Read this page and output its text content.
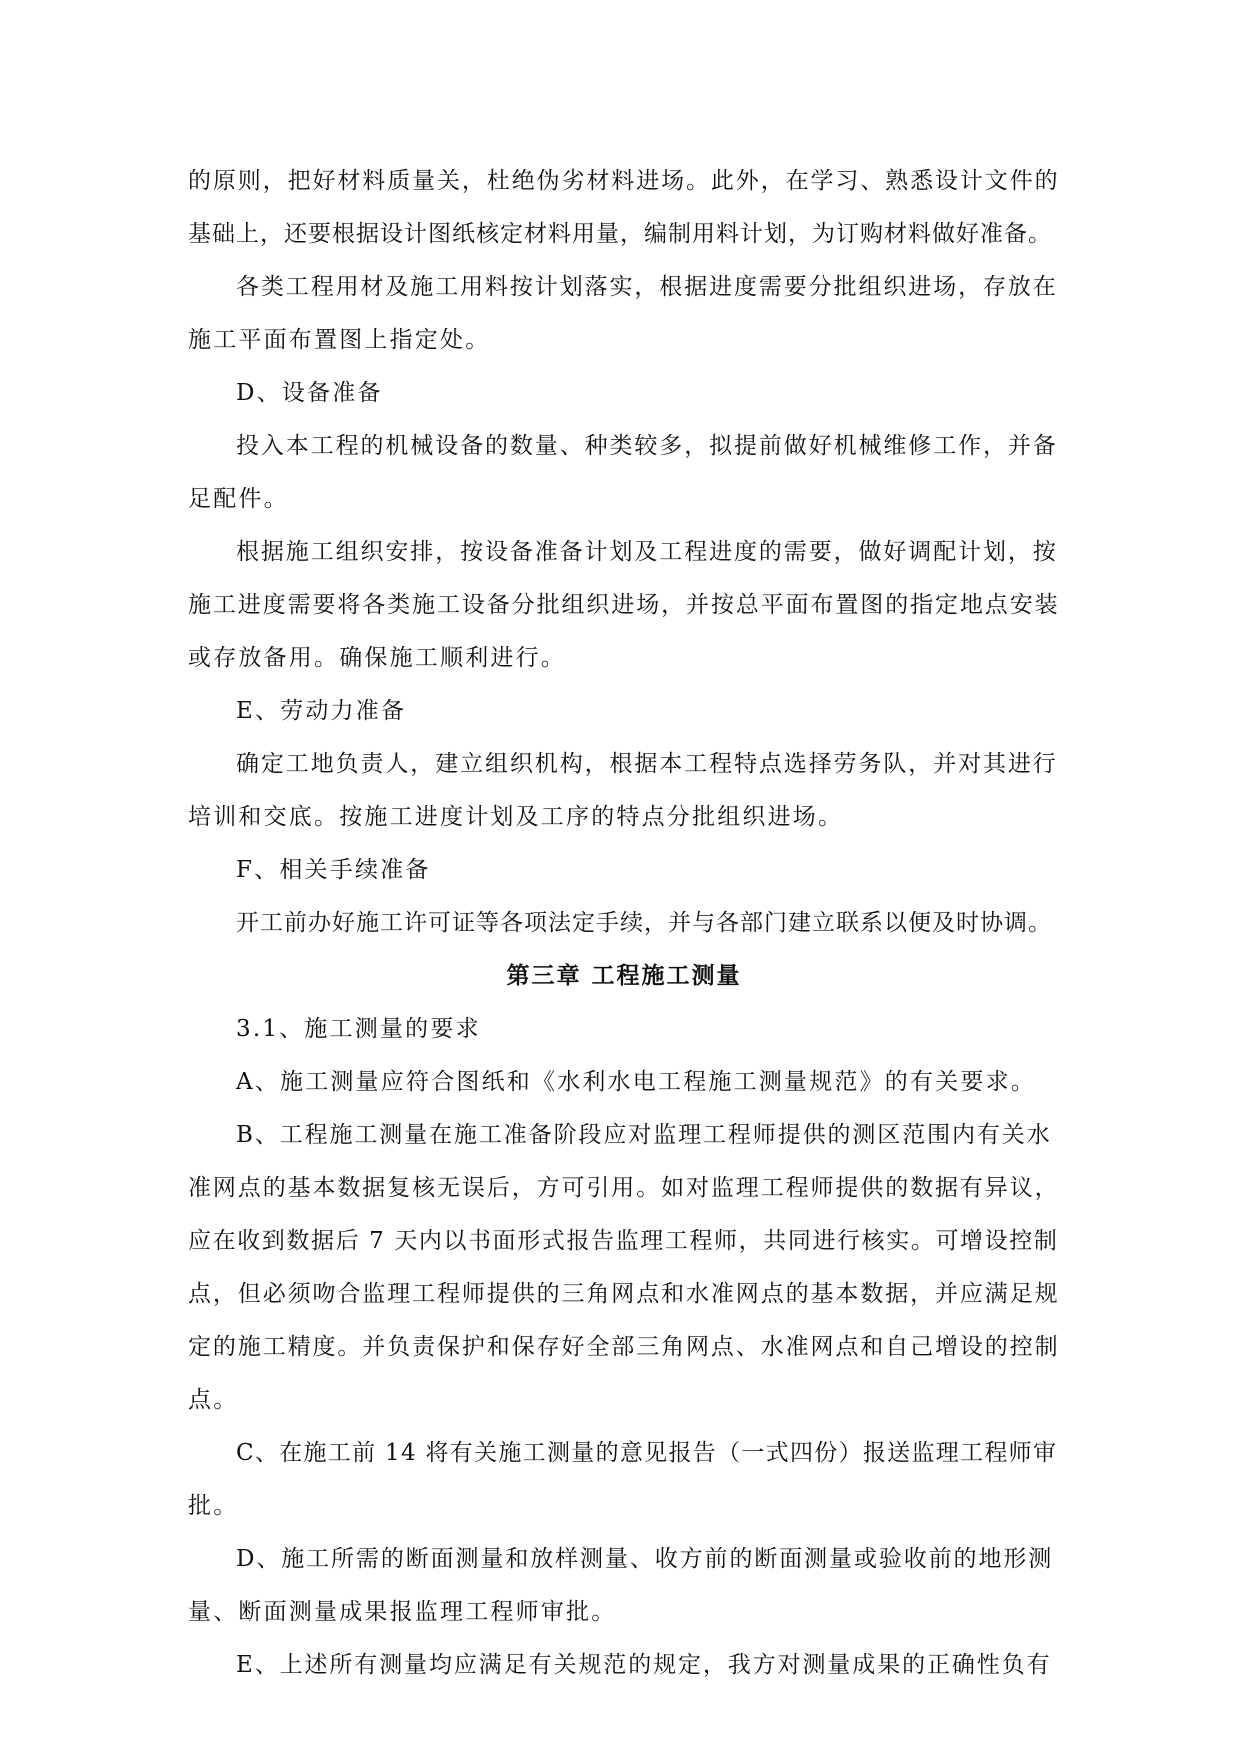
的原则，把好材料质量关，杜绝伪劣材料进场。此外，在学习、熟悉设计文件的
基础上，还要根据设计图纸核定材料用量，编制用料计划，为订购材料做好准备。
各类工程用材及施工用料按计划落实，根据进度需要分批组织进场，存放在
施工平面布置图上指定处。
D、设备准备
投入本工程的机械设备的数量、种类较多，拟提前做好机械维修工作，并备
足配件。
根据施工组织安排，按设备准备计划及工程进度的需要，做好调配计划，按
施工进度需要将各类施工设备分批组织进场，并按总平面布置图的指定地点安装
或存放备用。确保施工顺利进行。
E、劳动力准备
确定工地负责人，建立组织机构，根据本工程特点选择劳务队，并对其进行
培训和交底。按施工进度计划及工序的特点分批组织进场。
F、相关手续准备
开工前办好施工许可证等各项法定手续，并与各部门建立联系以便及时协调。
第三章 工程施工测量
3.1、施工测量的要求
A、施工测量应符合图纸和《水利水电工程施工测量规范》的有关要求。
B、工程施工测量在施工准备阶段应对监理工程师提供的测区范围内有关水
准网点的基本数据复核无误后，方可引用。如对监理工程师提供的数据有异议，
应在收到数据后 7 天内以书面形式报告监理工程师，共同进行核实。可增设控制
点，但必须吻合监理工程师提供的三角网点和水准网点的基本数据，并应满足规
定的施工精度。并负责保护和保存好全部三角网点、水准网点和自己增设的控制
点。
C、在施工前 14 将有关施工测量的意见报告（一式四份）报送监理工程师审
批。
D、施工所需的断面测量和放样测量、收方前的断面测量或验收前的地形测
量、断面测量成果报监理工程师审批。
E、上述所有测量均应满足有关规范的规定，我方对测量成果的正确性负有
